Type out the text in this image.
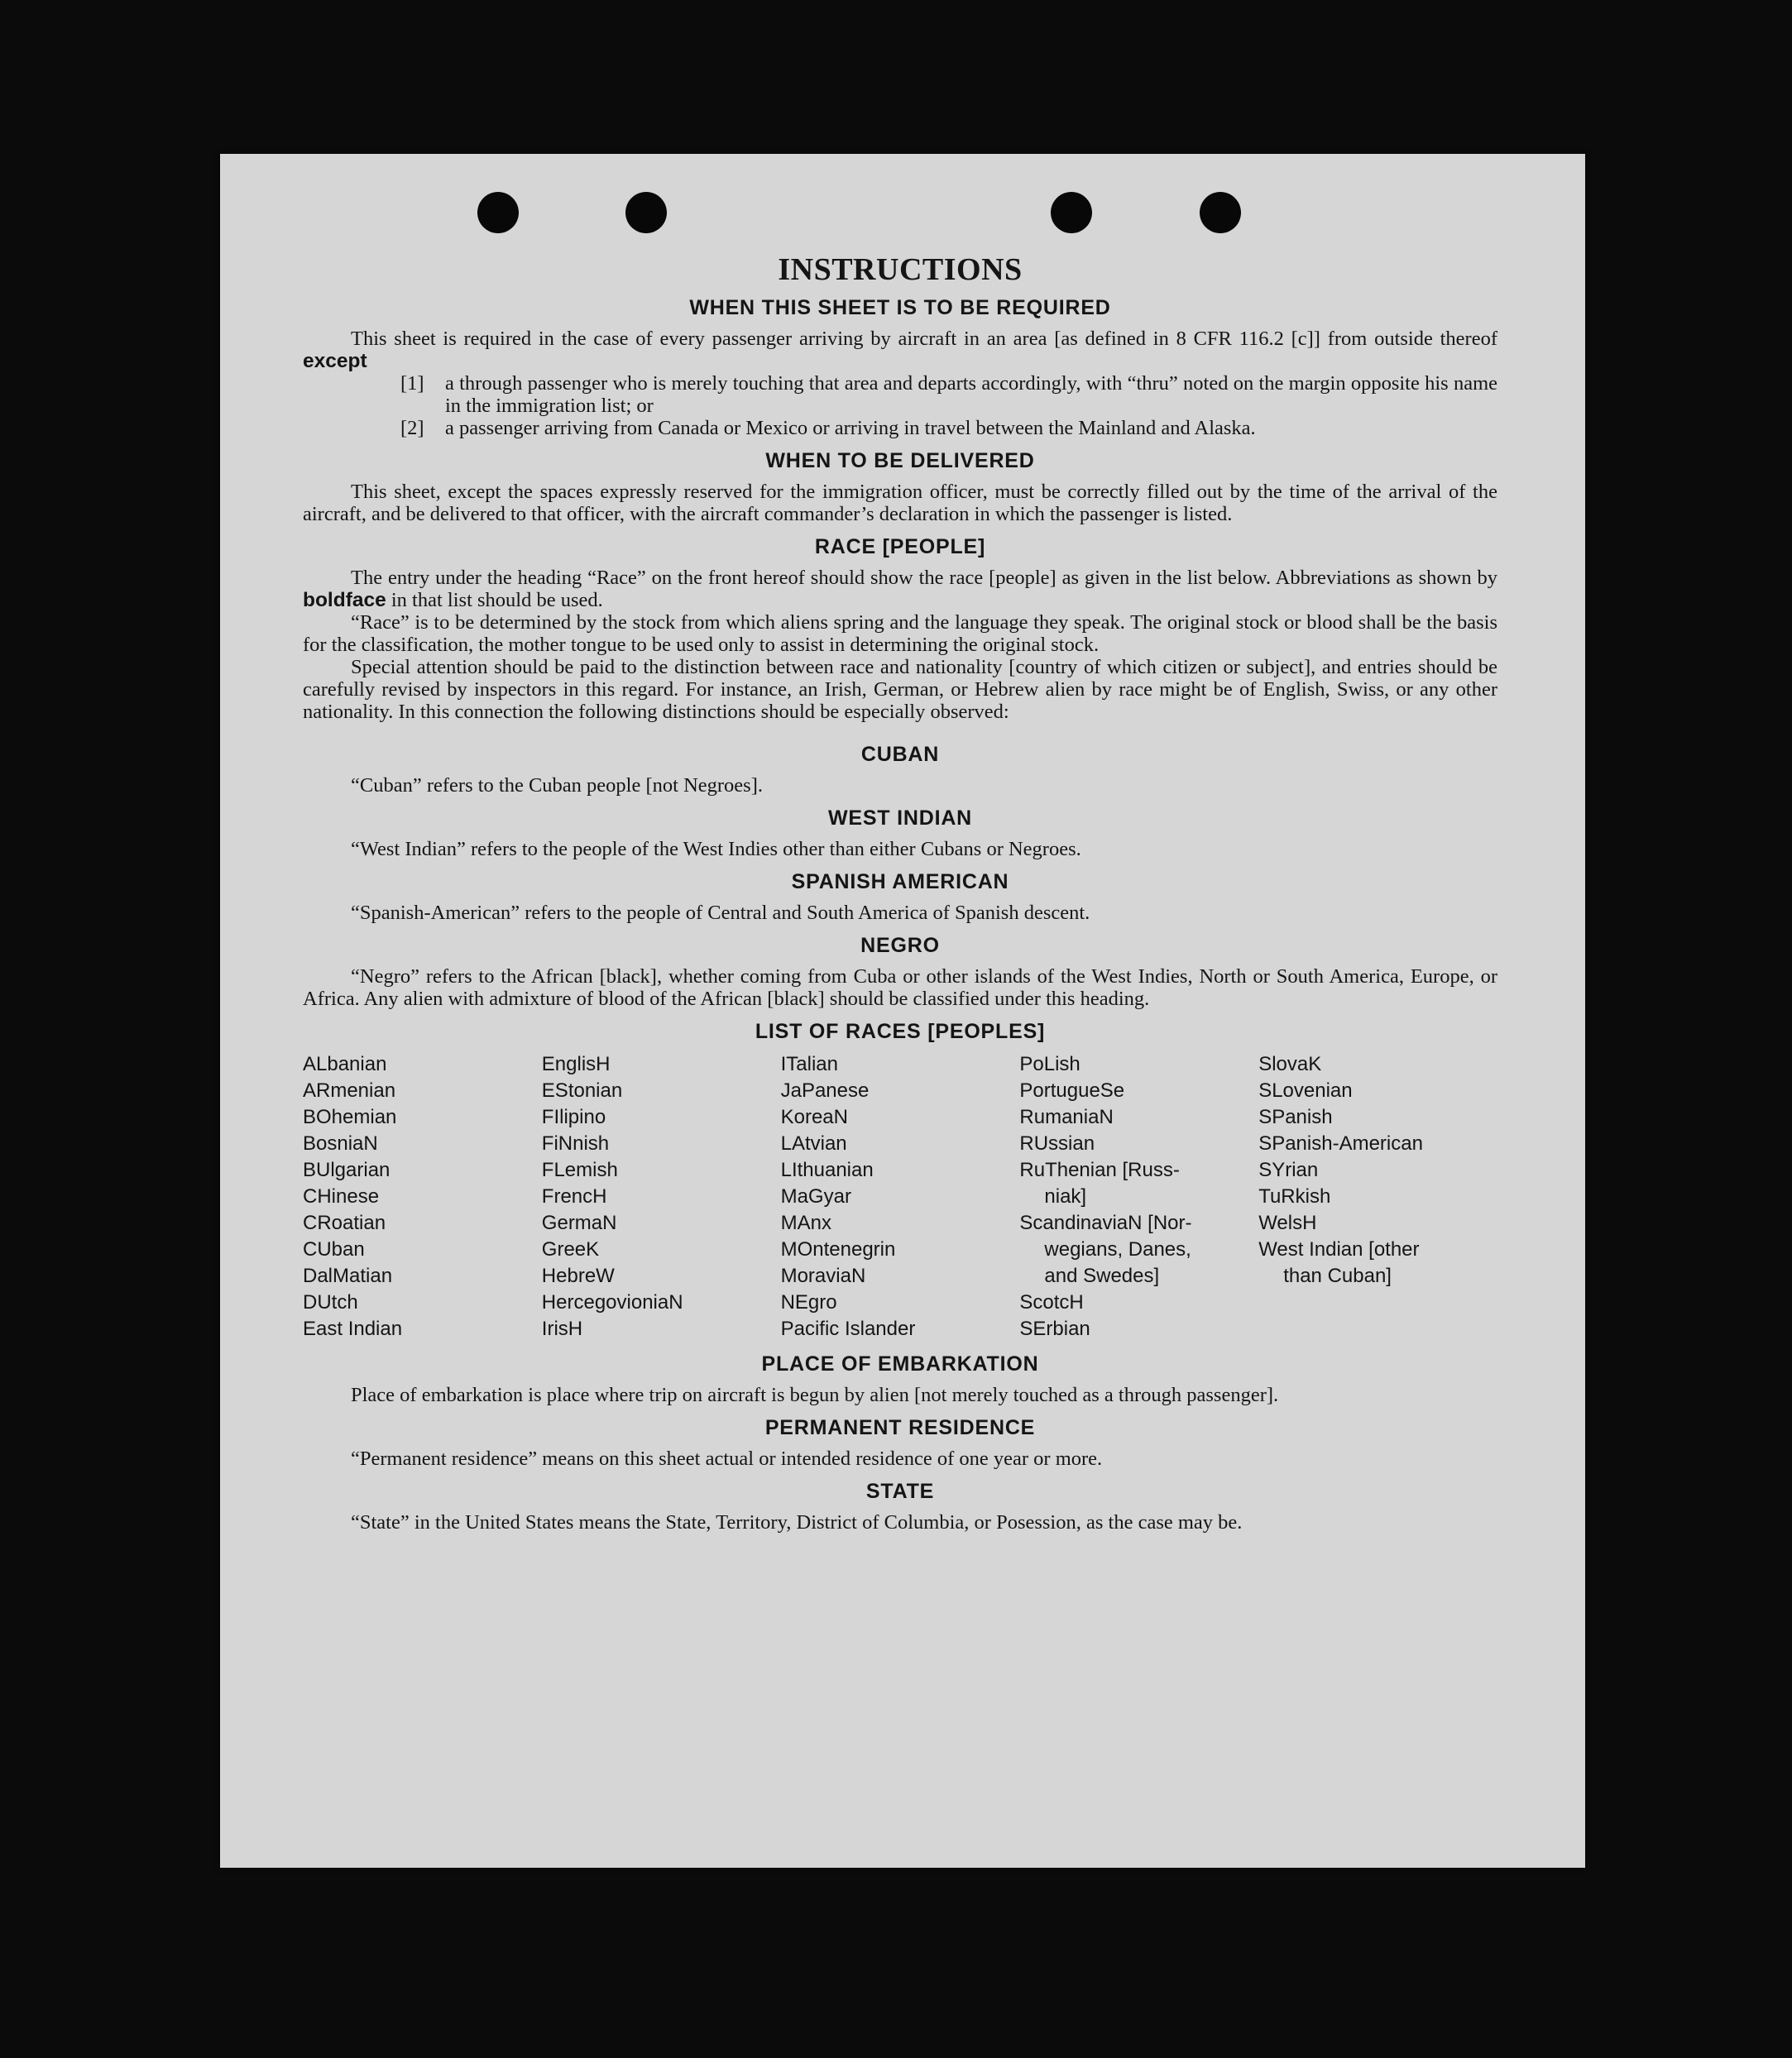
INSTRUCTIONS
WHEN THIS SHEET IS TO BE REQUIRED

This sheet is required in the case of every passenger arriving by aircraft in an area [as defined in 8 CFR 116.2 [c]] from outside thereof except

[1]	a through passenger who is merely touching that area and departs accordingly, with “thru” noted on the margin opposite his name in the immigration list; or
[2]	a passenger arriving from Canada or Mexico or arriving in travel between the Mainland and Alaska.
WHEN TO BE DELIVERED

This sheet, except the spaces expressly reserved for the immigration officer, must be correctly filled out by the time of the arrival of the aircraft, and be delivered to that officer, with the aircraft commander’s declaration in which the passenger is listed.

RACE [PEOPLE]

The entry under the heading “Race” on the front hereof should show the race [people] as given in the list below. Abbreviations as shown by boldface in that list should be used.

“Race” is to be determined by the stock from which aliens spring and the language they speak. The original stock or blood shall be the basis for the classification, the mother tongue to be used only to assist in determining the original stock.

Special attention should be paid to the distinction between race and nationality [country of which citizen or subject], and entries should be carefully revised by inspectors in this regard. For instance, an Irish, German, or Hebrew alien by race might be of English, Swiss, or any other nationality. In this connection the following distinctions should be especially observed:

CUBAN

“Cuban” refers to the Cuban people [not Negroes].

WEST INDIAN

“West Indian” refers to the people of the West Indies other than either Cubans or Negroes.

SPANISH AMERICAN

“Spanish-American” refers to the people of Central and South America of Spanish descent.

NEGRO

“Negro” refers to the African [black], whether coming from Cuba or other islands of the West Indies, North or South America, Europe, or Africa. Any alien with admixture of blood of the African [black] should be classified under this heading.

LIST OF RACES [PEOPLES]
ALbanian
ARmenian
BOhemian
BosniaN
BUlgarian
CHinese
CRoatian
CUban
DalMatian
DUtch
East Indian
EnglisH
EStonian
FIlipino
FiNnish
FLemish
FrencH
GermaN
GreeK
HebreW
HercegovioniaN
IrisH
ITalian
JaPanese
KoreaN
LAtvian
LIthuanian
MaGyar
MAnx
MOntenegrin
MoraviaN
NEgro
Pacific Islander
PoLish
PortugueSe
RumaniaN
RUssian
RuThenian [Russ-
niak]
ScandinaviaN [Nor-
wegians, Danes,
and Swedes]
ScotcH
SErbian
SlovaK
SLovenian
SPanish
SPanish-American
SYrian
TuRkish
WelsH
West Indian [other
than Cuban]
PLACE OF EMBARKATION

Place of embarkation is place where trip on aircraft is begun by alien [not merely touched as a through passenger].

PERMANENT RESIDENCE

“Permanent residence” means on this sheet actual or intended residence of one year or more.

STATE

“State” in the United States means the State, Territory, District of Columbia, or Posession, as the case may be.
